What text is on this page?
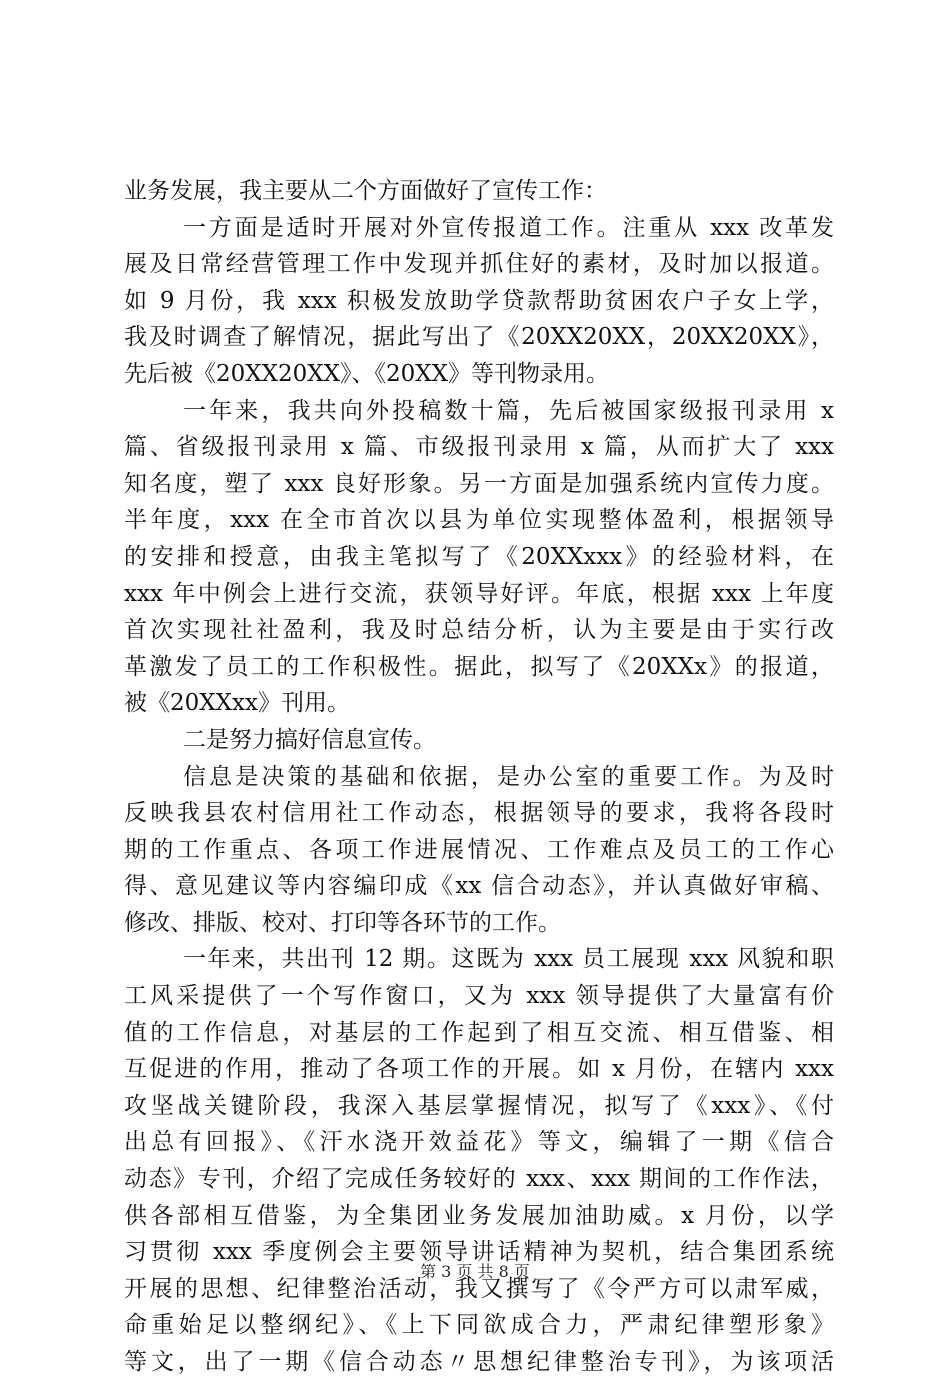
业务发展，我主要从二个方面做好了宣传工作：
一方面是适时开展对外宣传报道工作。注重从 xxx 改革发
展及日常经营管理工作中发现并抓住好的素材，及时加以报道。
如 9 月份，我 xxx 积极发放助学贷款帮助贫困农户子女上学，
我及时调查了解情况，据此写出了《20XX20XX，20XX20XX》，
先后被《20XX20XX》、《20XX》等刊物录用。
一年来，我共向外投稿数十篇，先后被国家级报刊录用 x
篇、省级报刊录用 x 篇、市级报刊录用 x 篇，从而扩大了 xxx
知名度，塑了 xxx 良好形象。另一方面是加强系统内宣传力度。
半年度，xxx 在全市首次以县为单位实现整体盈利，根据领导
的安排和授意，由我主笔拟写了《20XXxxx》的经验材料，在
xxx 年中例会上进行交流，获领导好评。年底，根据 xxx 上年度
首次实现社社盈利，我及时总结分析，认为主要是由于实行改
革激发了员工的工作积极性。据此，拟写了《20XXx》的报道，
被《20XXxx》刊用。
二是努力搞好信息宣传。
信息是决策的基础和依据，是办公室的重要工作。为及时
反映我县农村信用社工作动态，根据领导的要求，我将各段时
期的工作重点、各项工作进展情况、工作难点及员工的工作心
得、意见建议等内容编印成《xx 信合动态》，并认真做好审稿、
修改、排版、校对、打印等各环节的工作。
一年来，共出刊 12 期。这既为 xxx 员工展现 xxx 风貌和职
工风采提供了一个写作窗口，又为 xxx 领导提供了大量富有价
值的工作信息，对基层的工作起到了相互交流、相互借鉴、相
互促进的作用，推动了各项工作的开展。如 x 月份，在辖内 xxx
攻坚战关键阶段，我深入基层掌握情况，拟写了《xxx》、《付
出总有回报》、《汗水浇开效益花》等文，编辑了一期《信合
动态》专刊，介绍了完成任务较好的 xxx、xxx 期间的工作作法，
供各部相互借鉴，为全集团业务发展加油助威。x 月份，以学
习贯彻 xxx 季度例会主要领导讲话精神为契机，结合集团系统
开展的思想、纪律整治活动，我又撰写了《令严方可以肃军威，
命重始足以整纲纪》、《上下同欲成合力，严肃纪律塑形象》
等文，出了一期《信合动态〃思想纪律整治专刊》，为该项活
第 3 页 共 8 页
